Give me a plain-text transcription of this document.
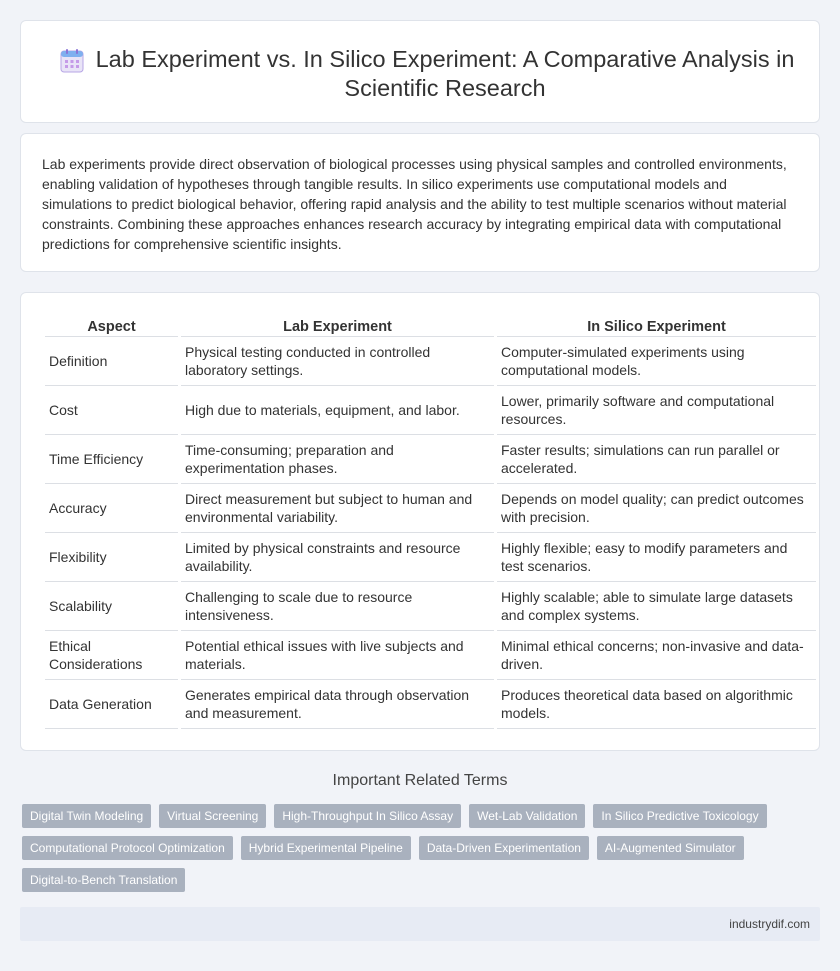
Lab Experiment vs. In Silico Experiment: A Comparative Analysis in Scientific Research

Lab experiments provide direct observation of biological processes using physical samples and controlled environments, enabling validation of hypotheses through tangible results. In silico experiments use computational models and simulations to predict biological behavior, offering rapid analysis and the ability to test multiple scenarios without material constraints. Combining these approaches enhances research accuracy by integrating empirical data with computational predictions for comprehensive scientific insights.

Aspect	Lab Experiment	In Silico Experiment
Definition	Physical testing conducted in controlled laboratory settings.	Computer-simulated experiments using computational models.
Cost	High due to materials, equipment, and labor.	Lower, primarily software and computational resources.
Time Efficiency	Time-consuming; preparation and experimentation phases.	Faster results; simulations can run parallel or accelerated.
Accuracy	Direct measurement but subject to human and environmental variability.	Depends on model quality; can predict outcomes with precision.
Flexibility	Limited by physical constraints and resource availability.	Highly flexible; easy to modify parameters and test scenarios.
Scalability	Challenging to scale due to resource intensiveness.	Highly scalable; able to simulate large datasets and complex systems.
Ethical Considerations	Potential ethical issues with live subjects and materials.	Minimal ethical concerns; non-invasive and data-driven.
Data Generation	Generates empirical data through observation and measurement.	Produces theoretical data based on algorithmic models.
Important Related Terms
Digital Twin Modeling	Virtual Screening	High-Throughput In Silico Assay	Wet-Lab Validation	In Silico Predictive Toxicology
Computational Protocol Optimization	Hybrid Experimental Pipeline	Data-Driven Experimentation	AI-Augmented Simulator
Digital-to-Bench Translation
industrydif.com
